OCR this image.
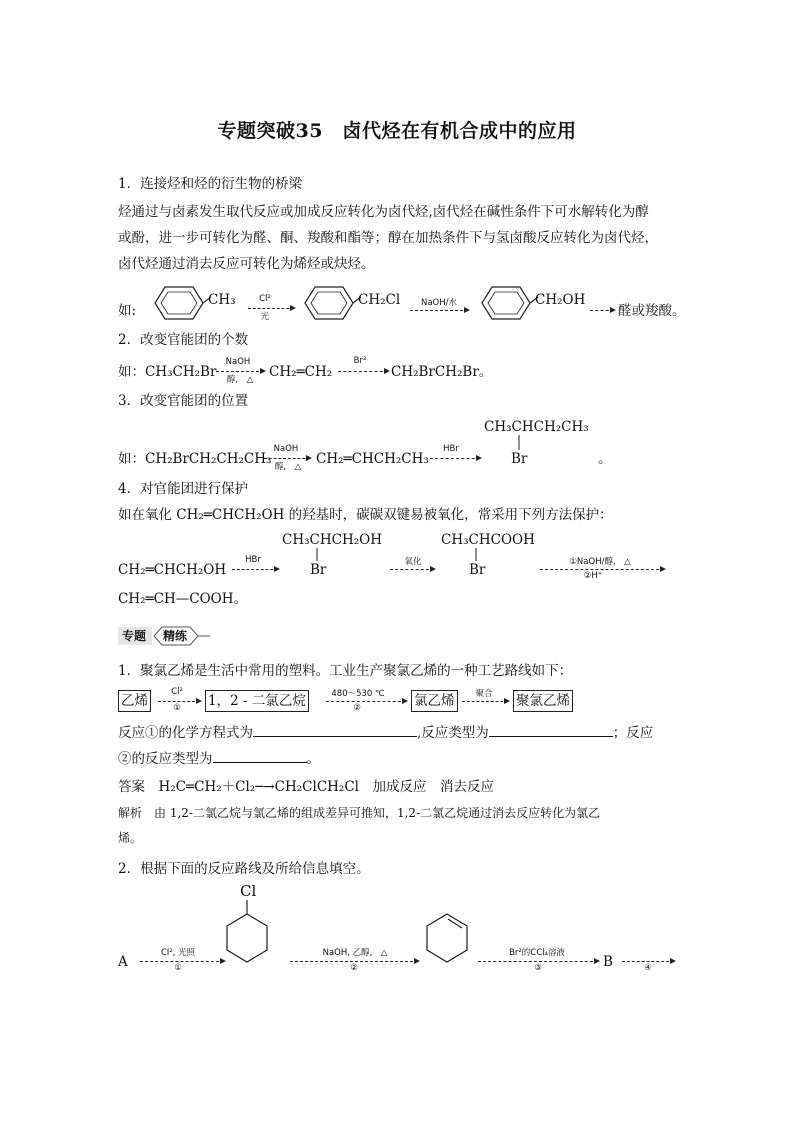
专题突破35　卤代烃在有机合成中的应用
1．连接烃和烃的衍生物的桥梁
烃通过与卤素发生取代反应或加成反应转化为卤代烃,卤代烃在碱性条件下可水解转化为醇
或酚，进一步可转化为醛、酮、羧酸和酯等；醇在加热条件下与氢卤酸反应转化为卤代烃，
卤代烃通过消去反应可转化为烯烃或炔烃。
如:
CH₃	Cl²
光
CH₂Cl	NaOH/水	CH₂OH
醛或羧酸。
2．改变官能团的个数
如：CH₃CH₂Br
NaOH
醇,　△	CH₂═CH₂
Br²
CH₂BrCH₂Br。
3．改变官能团的位置
CH₃CHCH₂CH₃
Br
如：CH₂BrCH₂CH₂CH₃
NaOH
醇,　△	CH₂═CHCH₂CH₃
HBr
。
4．对官能团进行保护
如在氧化 CH₂═CHCH₂OH 的羟基时，碳碳双键易被氧化，常采用下列方法保护：
CH₃CHCH₂OH
Br
CH₃CHCOOH
Br
CH₂═CHCH₂OH
HBr	氧化	①NaOH/醇,　△
②H⁺
CH₂═CH—COOH。
专题 精练
1．聚氯乙烯是生活中常用的塑料。工业生产聚氯乙烯的一种工艺路线如下：
乙烯
Cl²
①	1，2 - 二氯乙烷	480～530 ℃
②	氯乙烯	聚合	聚氯乙烯
反应①的化学方程式为	,反应类型为	；反应
②的反应类型为	。
答案　 H₂C═CH₂＋Cl₂─→CH₂ClCH₂Cl　加成反应　消去反应
解析　 由 1,2-二氯乙烷与氯乙烯的组成差异可推知，1,2-二氯乙烷通过消去反应转化为氯乙
烯。
2．根据下面的反应路线及所给信息填空。
Cl
A
Cl², 光照
①
NaOH, 乙醇,　△
②
Br²的CCl₄溶液
③	B	④
